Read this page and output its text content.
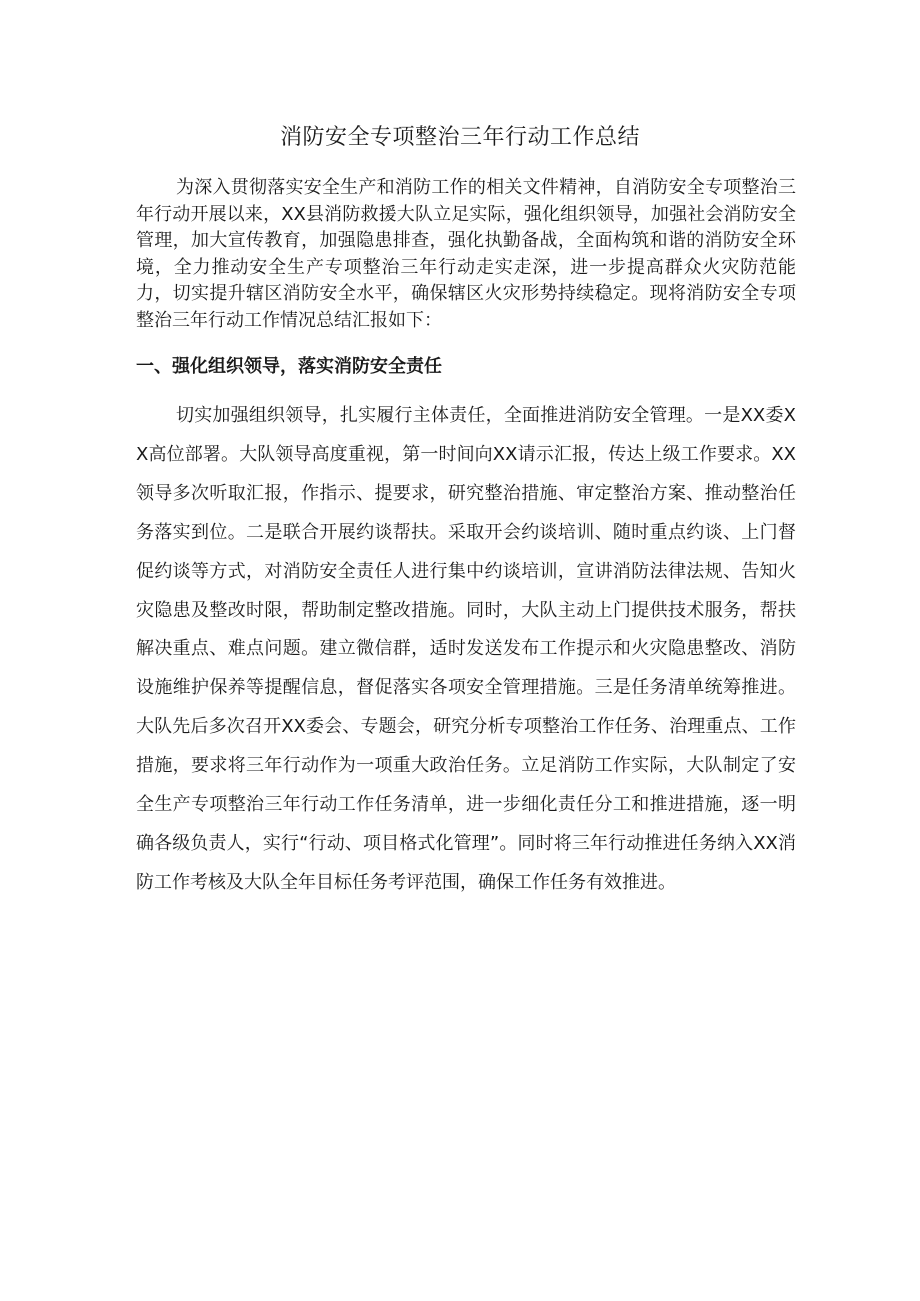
消防安全专项整治三年行动工作总结

为深入贯彻落实安全生产和消防工作的相关文件精神，自消防安全专项整治三年行动开展以来，XX县消防救援大队立足实际，强化组织领导，加强社会消防安全管理，加大宣传教育，加强隐患排查，强化执勤备战，全面构筑和谐的消防安全环境，全力推动安全生产专项整治三年行动走实走深，进一步提高群众火灾防范能力，切实提升辖区消防安全水平，确保辖区火灾形势持续稳定。现将消防安全专项整治三年行动工作情况总结汇报如下：

一、强化组织领导，落实消防安全责任

切实加强组织领导，扎实履行主体责任，全面推进消防安全管理。一是XX委XX高位部署。大队领导高度重视，第一时间向XX请示汇报，传达上级工作要求。XX领导多次听取汇报，作指示、提要求，研究整治措施、审定整治方案、推动整治任务落实到位。二是联合开展约谈帮扶。采取开会约谈培训、随时重点约谈、上门督促约谈等方式，对消防安全责任人进行集中约谈培训，宣讲消防法律法规、告知火灾隐患及整改时限，帮助制定整改措施。同时，大队主动上门提供技术服务，帮扶解决重点、难点问题。建立微信群，适时发送发布工作提示和火灾隐患整改、消防设施维护保养等提醒信息，督促落实各项安全管理措施。三是任务清单统筹推进。大队先后多次召开XX委会、专题会，研究分析专项整治工作任务、治理重点、工作措施，要求将三年行动作为一项重大政治任务。立足消防工作实际，大队制定了安全生产专项整治三年行动工作任务清单，进一步细化责任分工和推进措施，逐一明确各级负责人，实行“行动、项目格式化管理”。同时将三年行动推进任务纳入XX消防工作考核及大队全年目标任务考评范围，确保工作任务有效推进。
